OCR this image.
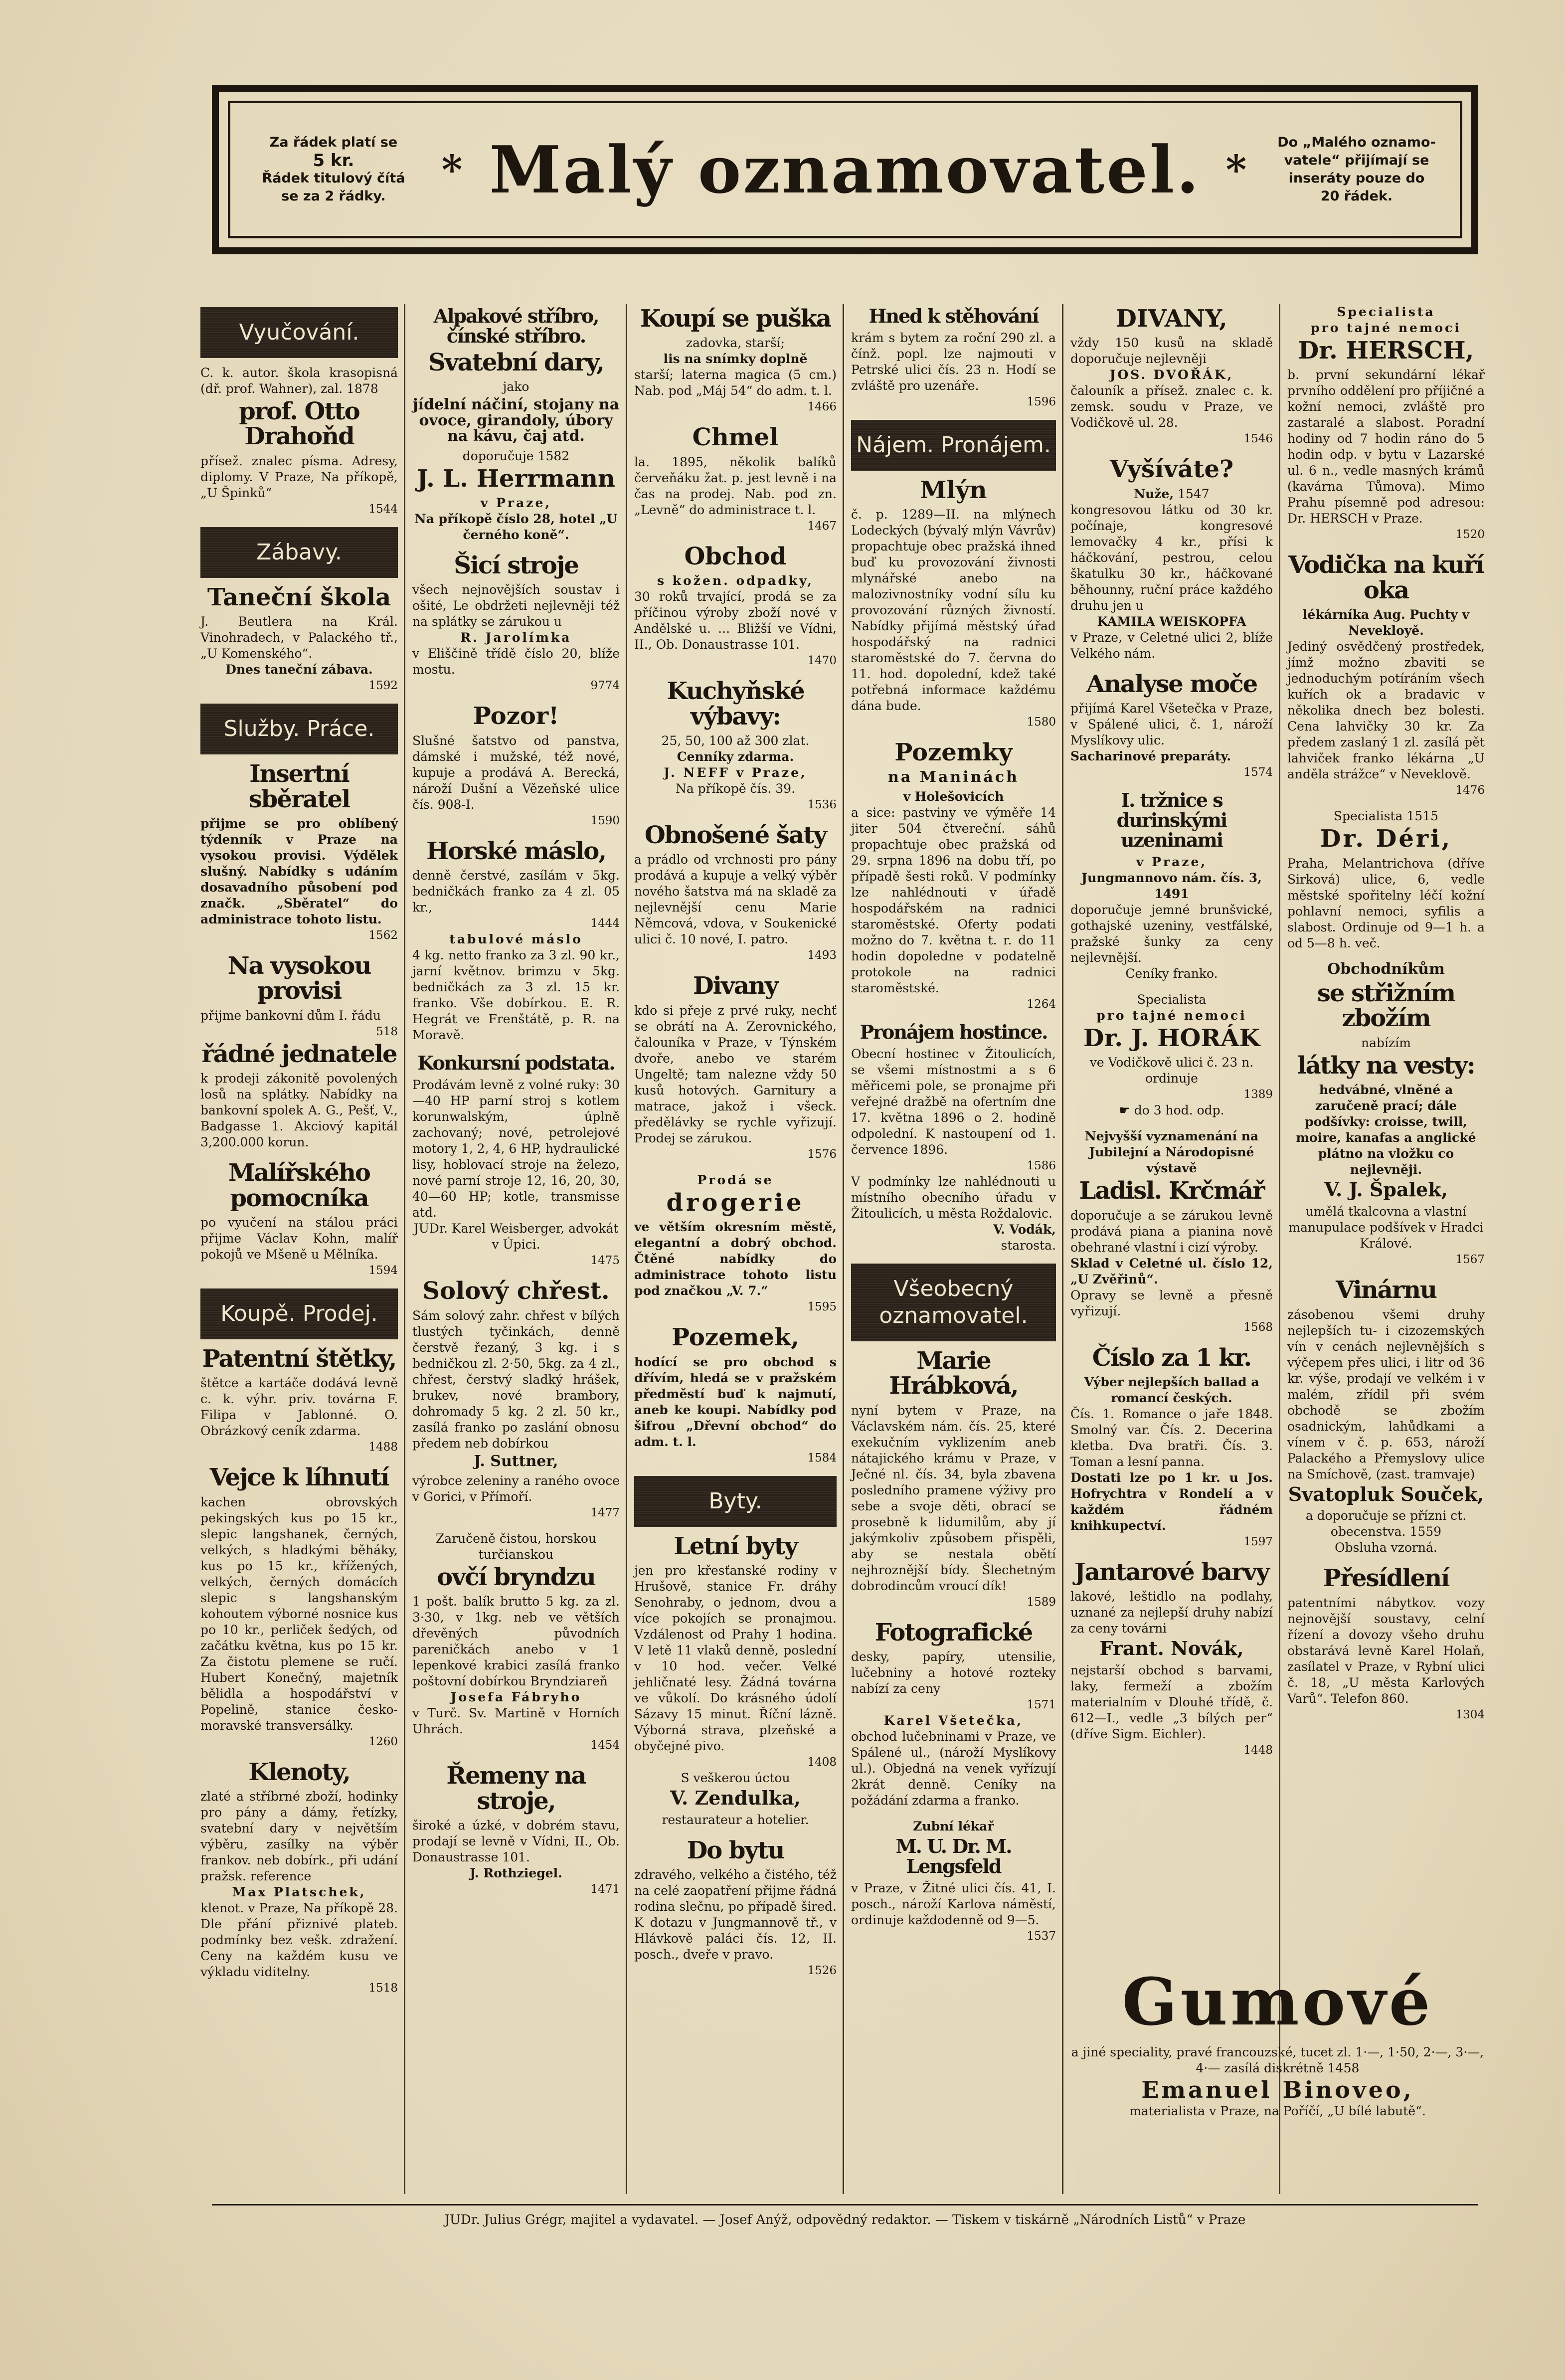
Za řádek platí se
5 kr.
Řádek titulový čítá
se za 2 řádky.
* Malý oznamovatel. *
Do „Malého oznamo-
vatele“ přijímají se
inseráty pouze do
20 řádek.
Vyučování.
C. k. autor. škola krasopisná (dř. prof. Wahner), zal. 1878
prof. Otto Drahoňd
přísež. znalec písma. Adresy, diplomy. V Praze, Na příkopě, „U Špinků“
1544
Zábavy.
Taneční škola
J. Beutlera na Král. Vinohradech, v Palackého tř., „U Komenského“.
Dnes taneční zábava.
1592
Služby. Práce.
Insertní sběratel
přijme se pro oblíbený týdenník v Praze na vysokou provisi. Výdělek slušný. Nabídky s udáním dosavadního působení pod značk. „Sběratel“ do administrace tohoto listu.
1562
Na vysokou provisi
přijme bankovní dům I. řádu
518
řádné jednatele
k prodeji zákonitě povolených losů na splátky. Nabídky na bankovní spolek A. G., Pešť, V., Badgasse 1. Akciový kapitál 3,200.000 korun.
Malířského pomocníka
po vyučení na stálou práci přijme Václav Kohn, malíř pokojů ve Mšeně u Mělníka.
1594
Koupě. Prodej.
Patentní štětky,
štětce a kartáče dodává levně c. k. výhr. priv. továrna F. Filipa v Jablonné. O. Obrázkový ceník zdarma.
1488
Vejce k líhnutí
kachen obrovských pekingských kus po 15 kr., slepic langshanek, černých, velkých, s hladkými běháky, kus po 15 kr., křížených, velkých, černých domácích slepic s langshanským kohoutem výborné nosnice kus po 10 kr., perliček šedých, od začátku května, kus po 15 kr. Za čistotu plemene se ručí. Hubert Konečný, majetník bělidla a hospodářství v Popelině, stanice česko-moravské transversálky.
1260
Klenoty,
zlaté a stříbrné zboží, hodinky pro pány a dámy, řetízky, svatební dary v největším výběru, zasílky na výběr frankov. neb dobírk., při udání pražsk. reference
Max Platschek,
klenot. v Praze, Na příkopě 28. Dle přání přiznivé plateb. podmínky bez vešk. zdražení. Ceny na každém kusu ve výkladu viditelny.
1518
Alpakové stříbro, čínské stříbro.
Svatební dary,
jako
jídelní náčiní, stojany na ovoce, girandoly, úbory na kávu, čaj atd.
doporučuje 1582
J. L. Herrmann
v Praze,
Na příkopě číslo 28, hotel „U černého koně“.
Šicí stroje
všech nejnovějších soustav i ošité, Le obdržeti nejlevněji též na splátky se zárukou u
R. Jarolímka
v Eliščině třídě číslo 20, blíže mostu.
9774
Pozor!
Slušné šatstvo od panstva, dámské i mužské, též nové, kupuje a prodává A. Berecká, nároží Dušní a Vězeňské ulice čís. 908-I.
1590
Horské máslo,
denně čerstvé, zasílám v 5kg. bedničkách franko za 4 zl. 05 kr.,
1444
tabulové máslo
4 kg. netto franko za 3 zl. 90 kr., jarní květnov. brimzu v 5kg. bedničkách za 3 zl. 15 kr. franko. Vše dobírkou. E. R. Hegrát ve Frenštátě, p. R. na Moravě.
Konkursní podstata.
Prodávám levně z volné ruky: 30—40 HP parní stroj s kotlem korunwalským, úplně zachovaný; nové, petrolejové motory 1, 2, 4, 6 HP, hydraulické lisy, hoblovací stroje na železo, nové parní stroje 12, 16, 20, 30, 40—60 HP; kotle, transmisse atd.
JUDr. Karel Weisberger, advokát v Úpici.
1475
Solový chřest.
Sám solový zahr. chřest v bílých tlustých tyčinkách, denně čerstvě řezaný, 3 kg. i s bedničkou zl. 2·50, 5kg. za 4 zl., chřest, čerstvý sladký hrášek, brukev, nové brambory, dohromady 5 kg. 2 zl. 50 kr., zasílá franko po zaslání obnosu předem neb dobírkou
J. Suttner,
výrobce zeleniny a raného ovoce v Gorici, v Přímoří.
1477
Zaručeně čistou, horskou turčianskou
ovčí bryndzu
1 pošt. balík brutto 5 kg. za zl. 3·30, v 1kg. neb ve větších dřevěných původních pareničkách anebo v 1 lepenkové krabici zasílá franko poštovní dobírkou Bryndziareň
Josefa Fábryho
v Turč. Sv. Martině v Horních Uhrách.
1454
Řemeny na stroje,
široké a úzké, v dobrém stavu, prodají se levně v Vídni, II., Ob. Donaustrasse 101.
J. Rothziegel.
1471
Koupí se puška
zadovka, starší;
lis na snímky doplně
starší; laterna magica (5 cm.) Nab. pod „Máj 54“ do adm. t. l.
1466
Chmel
la. 1895, několik balíků červeňáku žat. p. jest levně i na čas na prodej. Nab. pod zn. „Levně“ do administrace t. l.
1467
Obchod
s kožen. odpadky,
30 roků trvající, prodá se za příčinou výroby zboží nové v Andělské u. ... Bližší ve Vídni, II., Ob. Donaustrasse 101.
1470
Kuchyňské výbavy:
25, 50, 100 až 300 zlat.
Cenníky zdarma.
J. NEFF v Praze,
Na příkopě čís. 39.
1536
Obnošené šaty
a prádlo od vrchnosti pro pány prodává a kupuje a velký výběr nového šatstva má na skladě za nejlevnější cenu Marie Němcová, vdova, v Soukenické ulici č. 10 nové, I. patro.
1493
Divany
kdo si přeje z prvé ruky, nechť se obrátí na A. Zerovnického, čalouníka v Praze, v Týnském dvoře, anebo ve starém Ungeltě; tam nalezne vždy 50 kusů hotových. Garnitury a matrace, jakož i všeck. předělávky se rychle vyřizují. Prodej se zárukou.
1576
Prodá se
drogerie
ve větším okresním městě, elegantní a dobrý obchod. Čtěné nabídky do administrace tohoto listu pod značkou „V. 7.“
1595
Pozemek,
hodící se pro obchod s dřívím, hledá se v pražském předměstí buď k najmutí, aneb ke koupi. Nabídky pod šifrou „Dřevní obchod“ do adm. t. l.
1584
Byty.
Letní byty
jen pro křesťanské rodiny v Hrušově, stanice Fr. dráhy Senohraby, o jednom, dvou a více pokojích se pronajmou. Vzdálenost od Prahy 1 hodina. V letě 11 vlaků denně, poslední v 10 hod. večer. Velké jehličnaté lesy. Žádná továrna ve vůkolí. Do krásného údolí Sázavy 15 minut. Říční lázně. Výborná strava, plzeňské a obyčejné pivo.
1408
S veškerou úctou
V. Zendulka,
restaurateur a hotelier.
Do bytu
zdravého, velkého a čistého, též na celé zaopatření přijme řádná rodina slečnu, po případě šired. K dotazu v Jungmannově tř., v Hlávkově paláci čís. 12, II. posch., dveře v pravo.
1526
Hned k stěhování
krám s bytem za roční 290 zl. a čínž. popl. lze najmouti v Petrské ulici čís. 23 n. Hodí se zvláště pro uzenáře.
1596
Nájem. Pronájem.
Mlýn
č. p. 1289—II. na mlýnech Lodeckých (bývalý mlýn Vávrův) propachtuje obec pražská ihned buď ku provozování živnosti mlynářské anebo na malozivnostníky vodní sílu ku provozování různých živností. Nabídky přijímá městský úřad hospodářský na radnici staroměstské do 7. června do 11. hod. dopolední, kdež také potřebná informace každému dána bude.
1580
Pozemky
na Maninách
v Holešovicích
a sice: pastviny ve výměře 14 jiter 504 čtvereční. sáhů propachtuje obec pražská od 29. srpna 1896 na dobu tří, po případě šesti roků. V podmínky lze nahlédnouti v úřadě hospodářském na radnici staroměstské. Oferty podati možno do 7. května t. r. do 11 hodin dopoledne v podatelně protokole na radnici staroměstské.
1264
Pronájem hostince.
Obecní hostinec v Žitoulicích, se všemi místnostmi a s 6 měřicemi pole, se pronajme při veřejné dražbě na ofertním dne 17. května 1896 o 2. hodině odpolední. K nastoupení od 1. července 1896.
1586
V podmínky lze nahlédnouti u místního obecního úřadu v Žitoulicích, u města Roždalovic.
V. Vodák,
starosta.
Všeobecný oznamovatel.
Marie Hrábková,
nyní bytem v Praze, na Václavském nám. čís. 25, které exekučním vyklizením aneb nátajického krámu v Praze, v Ječné nl. čís. 34, byla zbavena posledního pramene výživy pro sebe a svoje děti, obrací se prosebně k lidumilům, aby jí jakýmkoliv způsobem přispěli, aby se nestala obětí nejhroznější bídy. Šlechetným dobrodincům vroucí dík!
1589
Fotografické
desky, papíry, utensilie, lučebniny a hotové rozteky nabízí za ceny
1571
Karel Všetečka,
obchod lučebninami v Praze, ve Spálené ul., (nároží Myslíkovy ul.). Objedná na venek vyřízují 2krát denně. Ceníky na požádání zdarma a franko.
Zubní lékař
M. U. Dr. M. Lengsfeld
v Praze, v Žitné ulici čís. 41, I. posch., nároží Karlova náměstí, ordinuje každodenně od 9—5.
1537
DIVANY,
vždy 150 kusů na skladě doporučuje nejlevněji
JOS. DVOŘÁK,
čalouník a přísež. znalec c. k. zemsk. soudu v Praze, ve Vodičkově ul. 28.
1546
Vyšíváte?
Nuže, 1547
kongresovou látku od 30 kr. počínaje, kongresové lemovačky 4 kr., přísi k háčkování, pestrou, celou škatulku 30 kr., háčkované běhounny, ruční práce každého druhu jen u
KAMILA WEISKOPFA
v Praze, v Celetné ulici 2, blíže Velkého nám.
Analyse moče
přijímá Karel Všetečka v Praze, v Spálené ulici, č. 1, nároží Myslíkovy ulic.
Sacharinové preparáty.
1574
I. tržnice s durinskými uzeninami
v Praze,
Jungmannovo nám. čís. 3, 1491
doporučuje jemné brunšvické, gothajské uzeniny, vestfálské, pražské šunky za ceny nejlevnější.
Ceníky franko.
Specialista
pro tajné nemoci
Dr. J. HORÁK
ve Vodičkově ulici č. 23 n. ordinuje
1389
☛ do 3 hod. odp.
Nejvyšší vyznamenání na Jubilejní a Národopisné výstavě
Ladisl. Krčmář
doporučuje a se zárukou levně prodává piana a pianina nově obehrané vlastní i cizí výroby.
Sklad v Celetné ul. číslo 12, „U Zvěřinů“.
Opravy se levně a přesně vyřizují.
1568
Číslo za 1 kr.
Výber nejlepších ballad a romancí českých.
Čís. 1. Romance o jaře 1848. Smolný var. Čís. 2. Decerina kletba. Dva bratři. Čís. 3. Toman a lesní panna.
Dostati lze po 1 kr. u Jos. Hofrychtra v Rondelí a v každém řádném knihkupectví.
1597
Jantarové barvy
lakové, leštidlo na podlahy, uznané za nejlepší druhy nabízí za ceny továrni
Frant. Novák,
nejstarší obchod s barvami, laky, fermeží a zbožím materialním v Dlouhé třídě, č. 612—I., vedle „3 bílých per“ (dříve Sigm. Eichler).
1448
Specialista
pro tajné nemoci
Dr. HERSCH,
b. první sekundární lékař prvního oddělení pro příjičné a kožní nemoci, zvláště pro zastaralé a slabost. Poradní hodiny od 7 hodin ráno do 5 hodin odp. v bytu v Lazarské ul. 6 n., vedle masných krámů (kavárna Tůmova). Mimo Prahu písemně pod adresou: Dr. HERSCH v Praze.
1520
Vodička na kuří oka
lékárníka Aug. Puchty v Nevekloyě.
Jediný osvědčený prostředek, jímž možno zbaviti se jednoduchým potíráním všech kuřích ok a bradavic v několika dnech bez bolesti. Cena lahvičky 30 kr. Za předem zaslaný 1 zl. zasílá pět lahviček franko lékárna „U anděla strážce“ v Neveklově.
1476
Specialista 1515
Dr. Déri,
Praha, Melantrichova (dříve Sirková) ulice, 6, vedle městské spořitelny léčí kožní pohlavní nemoci, syfilis a slabost. Ordinuje od 9—1 h. a od 5—8 h. več.
Obchodníkům
se střižním zbožím
nabízím
látky na vesty:
hedvábné, vlněné a zaručeně prací; dále podšívky: croisse, twill, moire, kanafas a anglické plátno na vložku co nejlevněji.
V. J. Špalek,
umělá tkalcovna a vlastní manupulace podšívek v Hradci Králové.
1567
Vinárnu
zásobenou všemi druhy nejlepších tu- i cizozemských vín v cenách nejlevnějších s výčepem přes ulici, i litr od 36 kr. výše, prodají ve velkém i v malém, zřídil při svém obchodě se zbožím osadnickým, lahůdkami a vínem v č. p. 653, nároží Palackého a Přemyslovy ulice na Smíchově, (zast. tramvaje)
Svatopluk Souček,
a doporučuje se přízni ct. obecenstva. 1559
Obsluha vzorná.
Přesídlení
patentními nábytkov. vozy nejnovější soustavy, celní řízení a dovozy všeho druhu obstarává levně Karel Holaň, zasílatel v Praze, v Rybní ulici č. 18, „U města Karlových Varů“. Telefon 860.
1304
Gumové
a jiné speciality, pravé francouzské, tucet zl. 1·—, 1·50, 2·—, 3·—, 4·— zasílá diskrétně 1458
Emanuel Binoveo,
materialista v Praze, na Poříčí, „U bílé labutě“.
JUDr. Julius Grégr, majitel a vydavatel. — Josef Anýž, odpovědný redaktor. — Tiskem v tiskárně „Národních Listů“ v Praze
